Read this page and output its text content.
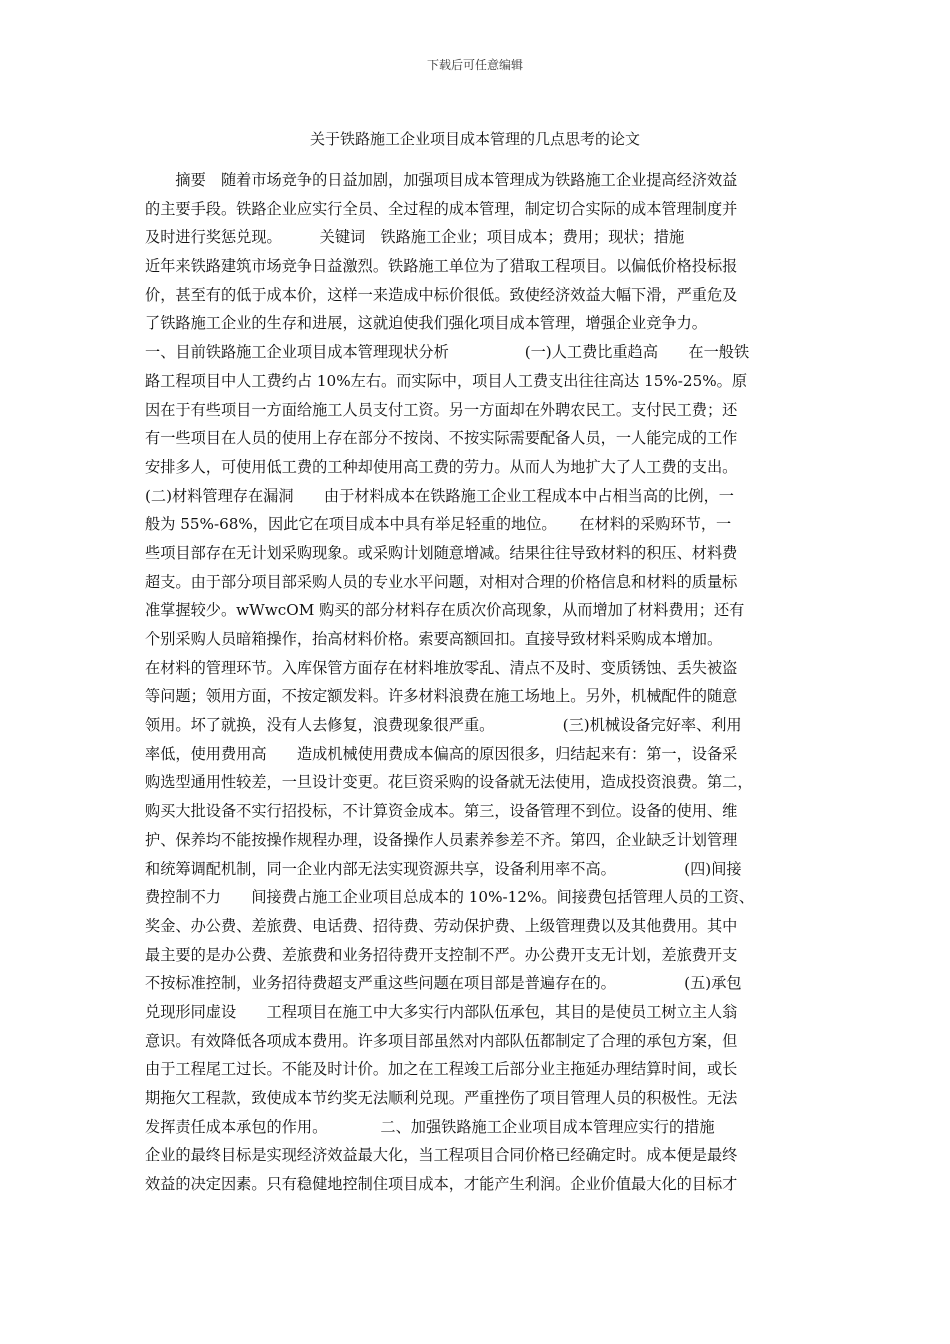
下载后可任意编辑
关于铁路施工企业项目成本管理的几点思考的论文
　　摘要　随着市场竞争的日益加剧，加强项目成本管理成为铁路施工企业提高经济效益
的主要手段。铁路企业应实行全员、全过程的成本管理，制定切合实际的成本管理制度并
及时进行奖惩兑现。　　　关键词　铁路施工企业；项目成本；费用；现状；措施
近年来铁路建筑市场竞争日益激烈。铁路施工单位为了猎取工程项目。以偏低价格投标报
价，甚至有的低于成本价，这样一来造成中标价很低。致使经济效益大幅下滑，严重危及
了铁路施工企业的生存和进展，这就迫使我们强化项目成本管理，增强企业竞争力。
一、目前铁路施工企业项目成本管理现状分析　　　　　(一)人工费比重趋高　　在一般铁
路工程项目中人工费约占 10%左右。而实际中，项目人工费支出往往高达 15%-25%。原
因在于有些项目一方面给施工人员支付工资。另一方面却在外聘农民工。支付民工费；还
有一些项目在人员的使用上存在部分不按岗、不按实际需要配备人员，一人能完成的工作
安排多人，可使用低工费的工种却使用高工费的劳力。从而人为地扩大了人工费的支出。
(二)材料管理存在漏洞　　由于材料成本在铁路施工企业工程成本中占相当高的比例，一
般为 55%-68%，因此它在项目成本中具有举足轻重的地位。　　在材料的采购环节，一
些项目部存在无计划采购现象。或采购计划随意增减。结果往往导致材料的积压、材料费
超支。由于部分项目部采购人员的专业水平问题，对相对合理的价格信息和材料的质量标
准掌握较少。wWwcOM 购买的部分材料存在质次价高现象，从而增加了材料费用；还有
个别采购人员暗箱操作，抬高材料价格。索要高额回扣。直接导致材料采购成本增加。
在材料的管理环节。入库保管方面存在材料堆放零乱、清点不及时、变质锈蚀、丢失被盗
等问题；领用方面，不按定额发料。许多材料浪费在施工场地上。另外，机械配件的随意
领用。坏了就换，没有人去修复，浪费现象很严重。　　　　　(三)机械设备完好率、利用
率低，使用费用高　　造成机械使用费成本偏高的原因很多，归结起来有：第一，设备采
购选型通用性较差，一旦设计变更。花巨资采购的设备就无法使用，造成投资浪费。第二，
购买大批设备不实行招投标，不计算资金成本。第三，设备管理不到位。设备的使用、维
护、保养均不能按操作规程办理，设备操作人员素养参差不齐。第四，企业缺乏计划管理
和统筹调配机制，同一企业内部无法实现资源共享，设备利用率不高。　　　　　(四)间接
费控制不力　　间接费占施工企业项目总成本的 10%-12%。间接费包括管理人员的工资、
奖金、办公费、差旅费、电话费、招待费、劳动保护费、上级管理费以及其他费用。其中
最主要的是办公费、差旅费和业务招待费开支控制不严。办公费开支无计划，差旅费开支
不按标准控制，业务招待费超支严重这些问题在项目部是普遍存在的。　　　　　(五)承包
兑现形同虚设　　工程项目在施工中大多实行内部队伍承包，其目的是使员工树立主人翁
意识。有效降低各项成本费用。许多项目部虽然对内部队伍都制定了合理的承包方案，但
由于工程尾工过长。不能及时计价。加之在工程竣工后部分业主拖延办理结算时间，或长
期拖欠工程款，致使成本节约奖无法顺利兑现。严重挫伤了项目管理人员的积极性。无法
发挥责任成本承包的作用。　　　　二、加强铁路施工企业项目成本管理应实行的措施
企业的最终目标是实现经济效益最大化，当工程项目合同价格已经确定时。成本便是最终
效益的决定因素。只有稳健地控制住项目成本，才能产生利润。企业价值最大化的目标才
